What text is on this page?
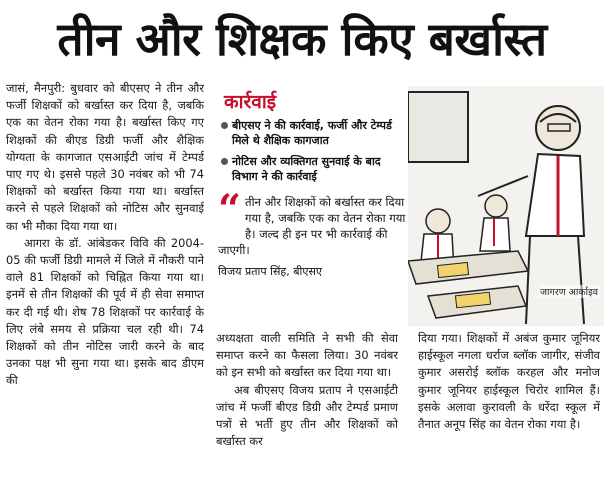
तीन और शिक्षक किए बर्खास्त

जासं, मैनपुरी: बुधवार को बीएसए ने तीन और फर्जी शिक्षकों को बर्खास्त कर दिया है, जबकि एक का वेतन रोका गया है। बर्खास्त किए गए शिक्षकों की बीएड डिग्री फर्जी और शैक्षिक योग्यता के कागजात एसआईटी जांच में टेम्पर्ड पाए गए थे। इससे पहले 30 नवंबर को भी 74 शिक्षकों को बर्खास्त किया गया था। बर्खास्त करने से पहले शिक्षकों को नोटिस और सुनवाई का भी मौका दिया गया था।

आगरा के डॉ. आंबेडकर विवि की 2004-05 की फर्जी डिग्री मामले में जिले में नौकरी पाने वाले 81 शिक्षकों को चिह्नित किया गया था। इनमें से तीन शिक्षकों की पूर्व में ही सेवा समाप्त कर दी गई थी। शेष 78 शिक्षकों पर कार्रवाई के लिए लंबे समय से प्रक्रिया चल रही थी। 74 शिक्षकों को तीन नोटिस जारी करने के बाद उनका पक्ष भी सुना गया था। इसके बाद डीएम की

कार्रवाई
बीएसए ने की कार्रवाई, फर्जी और टेम्पर्ड मिले थे शैक्षिक कागजात
नोटिस और व्यक्तिगत सुनवाई के बाद विभाग ने की कार्रवाई
“ तीन और शिक्षकों को बर्खास्त कर दिया गया है, जबकि एक का वेतन रोका गया है। जल्द ही इन पर भी कार्रवाई की जाएगी।
विजय प्रताप सिंह, बीएसए
जागरण आर्काइव

अध्यक्षता वाली समिति ने सभी की सेवा समाप्त करने का फैसला लिया। 30 नवंबर को इन सभी को बर्खास्त कर दिया गया था।

अब बीएसए विजय प्रताप ने एसआईटी जांच में फर्जी बीएड डिग्री और टेम्पर्ड प्रमाण पत्रों से भर्ती हुए तीन और शिक्षकों को बर्खास्त कर

दिया गया। शिक्षकों में अबंज कुमार जूनियर हाईस्कूल नगला धर्राज ब्लॉक जागीर, संजीव कुमार असरोई ब्लॉक करहल और मनोज कुमार जूनियर हाईस्कूल चिरोर शामिल हैं। इसके अलावा कुरावली के धरेंदा स्कूल में तैनात अनूप सिंह का वेतन रोका गया है।
